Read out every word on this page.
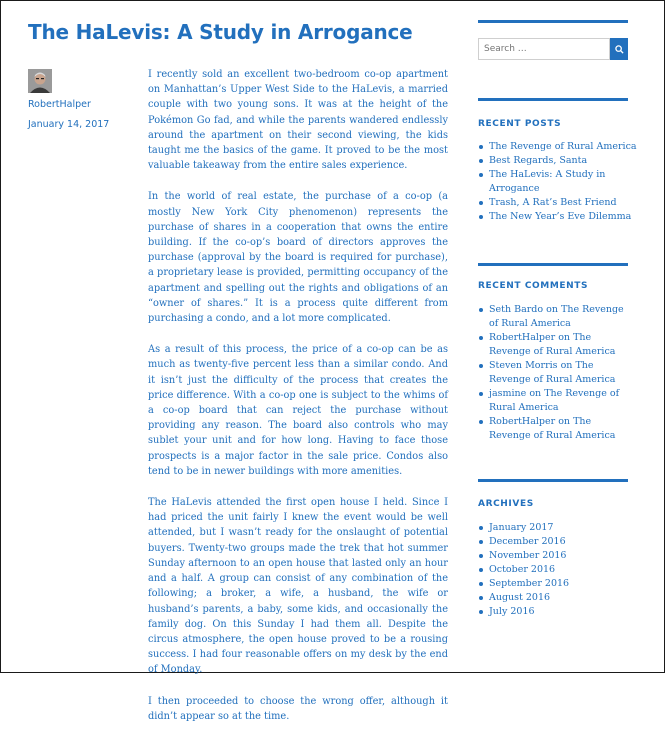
The HaLevis: A Study in Arrogance
RobertHalper
January 14, 2017

I recently sold an excellent two-bedroom co-op apartment on Manhattan’s Upper West Side to the HaLevis, a married couple with two young sons. It was at the height of the Pokémon Go fad, and while the parents wandered endlessly around the apartment on their second viewing, the kids taught me the basics of the game. It proved to be the most valuable takeaway from the entire sales experience.

In the world of real estate, the purchase of a co-op (a mostly New York City phenomenon) represents the purchase of shares in a cooperation that owns the entire building. If the co-op’s board of directors approves the purchase (approval by the board is required for purchase), a proprietary lease is provided, permitting occupancy of the apartment and spelling out the rights and obligations of an “owner of shares.” It is a process quite different from purchasing a condo, and a lot more complicated.

As a result of this process, the price of a co-op can be as much as twenty-five percent less than a similar condo. And it isn’t just the difficulty of the process that creates the price difference. With a co-op one is subject to the whims of a co-op board that can reject the purchase without providing any reason. The board also controls who may sublet your unit and for how long. Having to face those prospects is a major factor in the sale price. Condos also tend to be in newer buildings with more amenities.

The HaLevis attended the first open house I held. Since I had priced the unit fairly I knew the event would be well attended, but I wasn’t ready for the onslaught of potential buyers. Twenty-two groups made the trek that hot summer Sunday afternoon to an open house that lasted only an hour and a half. A group can consist of any combination of the following; a broker, a wife, a husband, the wife or husband’s parents, a baby, some kids, and occasionally the family dog. On this Sunday I had them all. Despite the circus atmosphere, the open house proved to be a rousing success. I had four reasonable offers on my desk by the end of Monday.

I then proceeded to choose the wrong offer, although it didn’t appear so at the time.

Search …
RECENT POSTS
The Revenge of Rural America
Best Regards, Santa
The HaLevis: A Study in Arrogance
Trash, A Rat’s Best Friend
The New Year’s Eve Dilemma
RECENT COMMENTS
Seth Bardo on The Revenge of Rural America
RobertHalper on The Revenge of Rural America
Steven Morris on The Revenge of Rural America
jasmine on The Revenge of Rural America
RobertHalper on The Revenge of Rural America
ARCHIVES
January 2017
December 2016
November 2016
October 2016
September 2016
August 2016
July 2016
